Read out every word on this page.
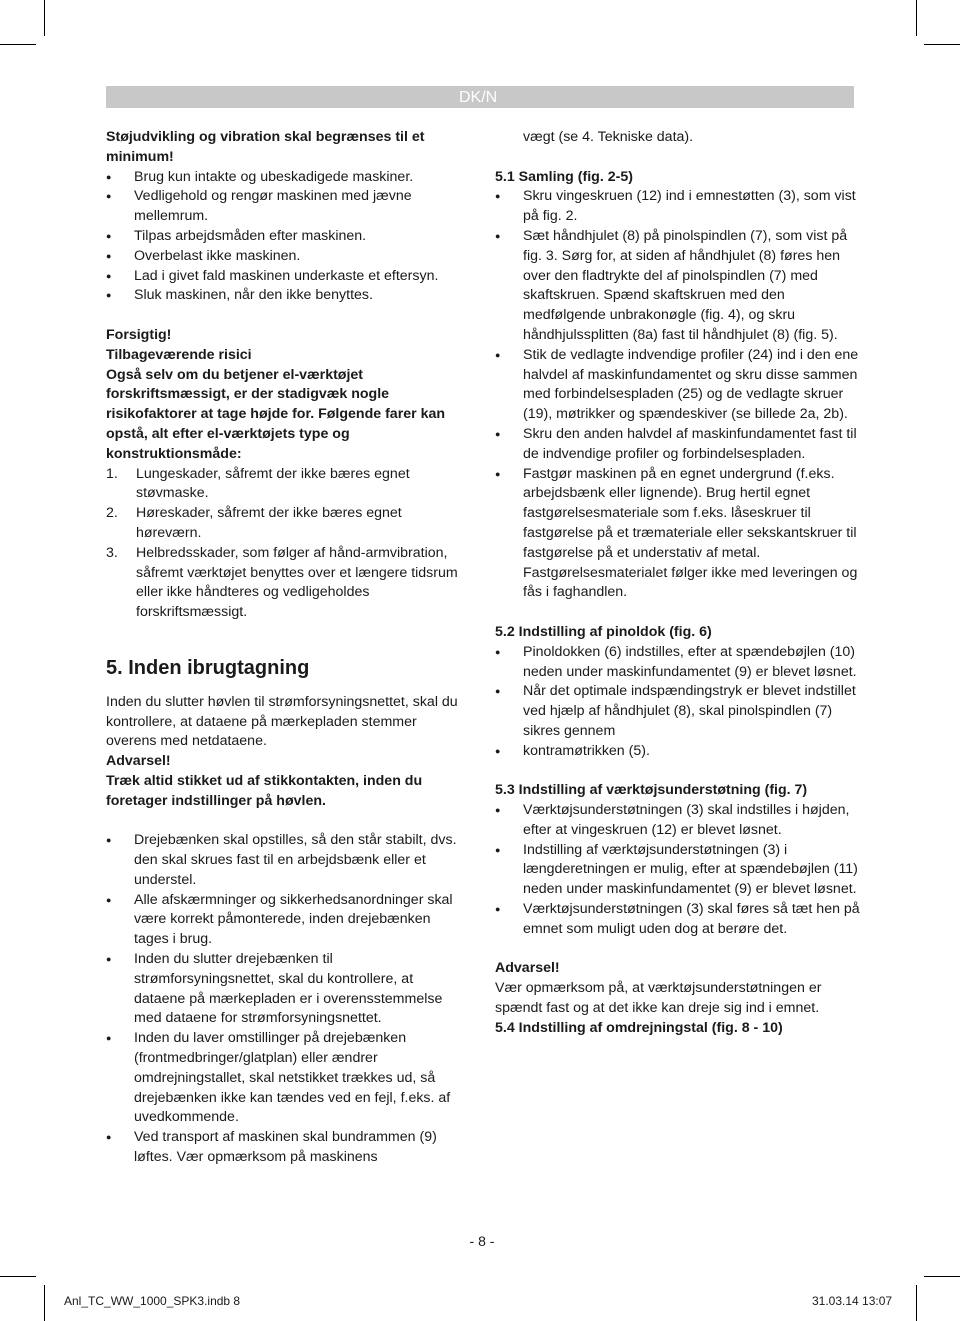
DK/N

Støjudvikling og vibration skal begrænses til et minimum!

● Brug kun intakte og ubeskadigede maskiner.
● Vedligehold og rengør maskinen med jævne mellemrum.
● Tilpas arbejdsmåden efter maskinen.
● Overbelast ikke maskinen.
● Lad i givet fald maskinen underkaste et eftersyn.
● Sluk maskinen, når den ikke benyttes.

Forsigtig!

Tilbageværende risici

Også selv om du betjener el-værktøjet forskriftsmæssigt, er der stadigvæk nogle risikofaktorer at tage højde for. Følgende farer kan opstå, alt efter el-værktøjets type og konstruktionsmåde:

1. Lungeskader, såfremt der ikke bæres egnet støvmaske.
2. Høreskader, såfremt der ikke bæres egnet høreværn.
3. Helbredsskader, som følger af hånd-armvibration, såfremt værktøjet benyttes over et længere tidsrum eller ikke håndteres og vedligeholdes forskriftsmæssigt.
5. Inden ibrugtagning

Inden du slutter høvlen til strømforsyningsnettet, skal du kontrollere, at dataene på mærkepladen stemmer overens med netdataene.

Advarsel!

Træk altid stikket ud af stikkontakten, inden du foretager indstillinger på høvlen.

● Drejebænken skal opstilles, så den står stabilt, dvs. den skal skrues fast til en arbejdsbænk eller et understel.
● Alle afskærmninger og sikkerhedsanordninger skal være korrekt påmonterede, inden drejebænken tages i brug.
● Inden du slutter drejebænken til strømforsyningsnettet, skal du kontrollere, at dataene på mærkepladen er i overensstemmelse med dataene for strømforsyningsnettet.
● Inden du laver omstillinger på drejebænken (frontmedbringer/glatplan) eller ændrer omdrejningstallet, skal netstikket trækkes ud, så drejebænken ikke kan tændes ved en fejl, f.eks. af uvedkommende.
● Ved transport af maskinen skal bundrammen (9) løftes. Vær opmærksom på maskinens

vægt (se 4. Tekniske data).

5.1 Samling (fig. 2-5)

● Skru vingeskruen (12) ind i emnestøtten (3), som vist på fig. 2.
● Sæt håndhjulet (8) på pinolspindlen (7), som vist på fig. 3. Sørg for, at siden af håndhjulet (8) føres hen over den fladtrykte del af pinolspindlen (7) med skaftskruen. Spænd skaftskruen med den medfølgende unbrakonøgle (fig. 4), og skru håndhjulssplitten (8a) fast til håndhjulet (8) (fig. 5).
● Stik de vedlagte indvendige profiler (24) ind i den ene halvdel af maskinfundamentet og skru disse sammen med forbindelsespladen (25) og de vedlagte skruer (19), møtrikker og spændeskiver (se billede 2a, 2b).
● Skru den anden halvdel af maskinfundamentet fast til de indvendige profiler og forbindelsespladen.
● Fastgør maskinen på en egnet undergrund (f.eks. arbejdsbænk eller lignende). Brug hertil egnet fastgørelsesmateriale som f.eks. låseskruer til fastgørelse på et træmateriale eller sekskantskruer til fastgørelse på et understativ af metal. Fastgørelsesmaterialet følger ikke med leveringen og fås i faghandlen.

5.2 Indstilling af pinoldok (fig. 6)

● Pinoldokken (6) indstilles, efter at spændebøjlen (10) neden under maskinfundamentet (9) er blevet løsnet.
● Når det optimale indspændingstryk er blevet indstillet ved hjælp af håndhjulet (8), skal pinolspindlen (7) sikres gennem
● kontramøtrikken (5).

5.3 Indstilling af værktøjsunderstøtning (fig. 7)

● Værktøjsunderstøtningen (3) skal indstilles i højden, efter at vingeskruen (12) er blevet løsnet.
● Indstilling af værktøjsunderstøtningen (3) i længderetningen er mulig, efter at spændebøjlen (11) neden under maskinfundamentet (9) er blevet løsnet.
● Værktøjsunderstøtningen (3) skal føres så tæt hen på emnet som muligt uden dog at berøre det.

Advarsel!

Vær opmærksom på, at værktøjsunderstøtningen er spændt fast og at det ikke kan dreje sig ind i emnet.

5.4 Indstilling af omdrejningstal (fig. 8 - 10)

- 8 -
Anl_TC_WW_1000_SPK3.indb 8	31.03.14 13:07
